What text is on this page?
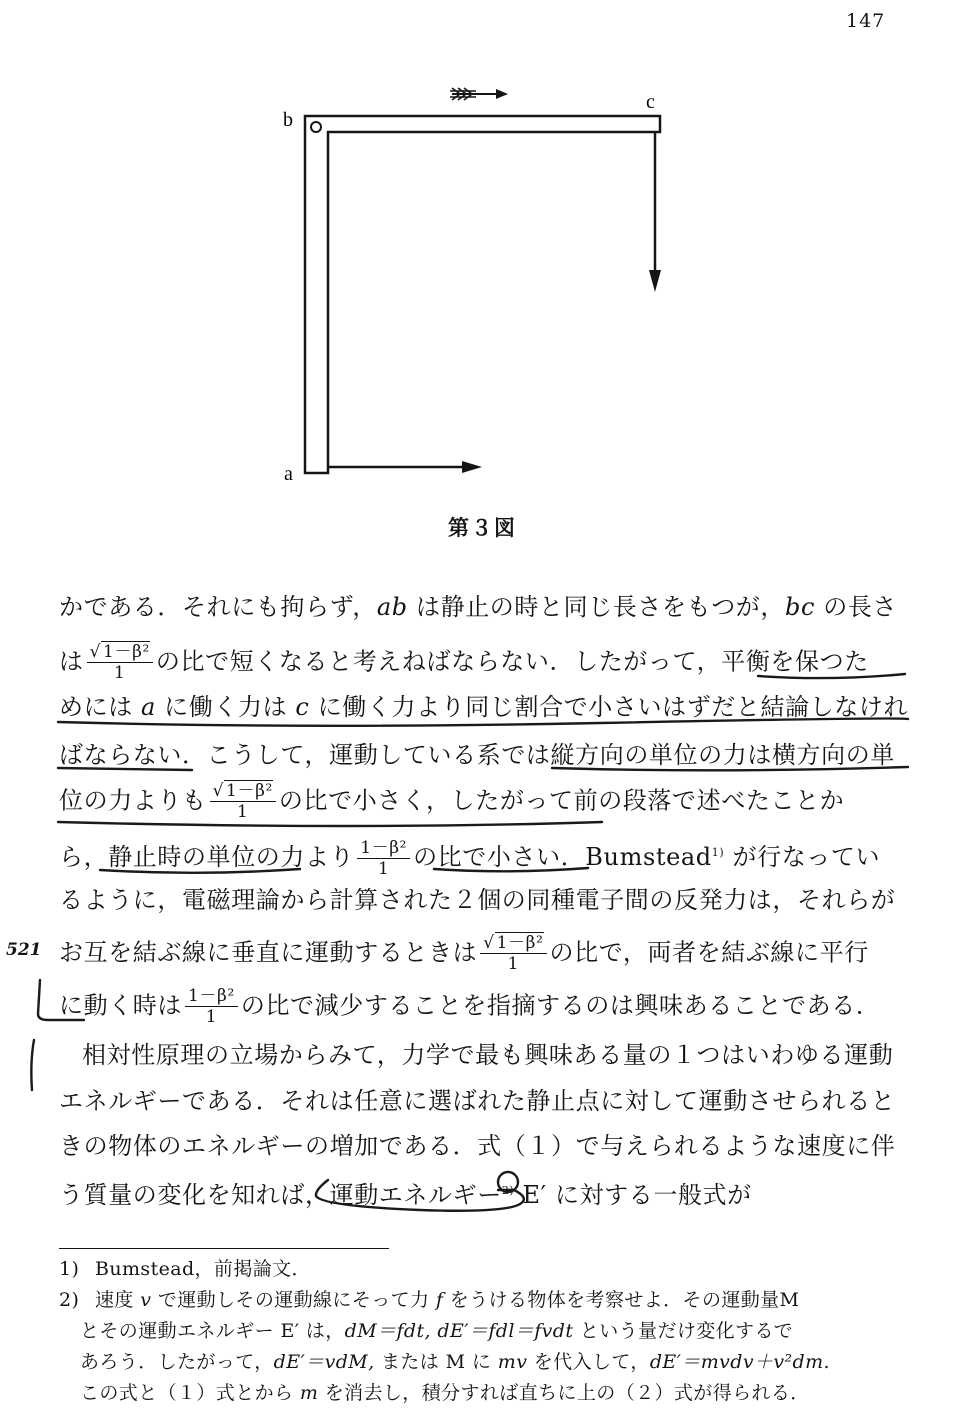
147
b
c
a
第３図
かである．それにも拘らず，ab は静止の時と同じ長さをもつが，bc の長さ
は $\frac{\text{√ 1－β²}}{1}$ の比で短くなると考えねばならない．したがって，平衡を保つた
めには a に働く力は c に働く力より同じ割合で小さいはずだと結論しなけれ
ばならない．こうして，運動している系では縦方向の単位の力は横方向の単
位の力よりも $\frac{\text{√ 1－β²}}{1}$ の比で小さく，したがって前の段落で述べたことか
ら，静止時の単位の力より $\frac{\text{1－β²}}{1}$ の比で小さい．Bumstead$^{1)}$ が行なってい
るように，電磁理論から計算された２個の同種電子間の反発力は，それらが
お互を結ぶ線に垂直に運動するときは $\frac{\text{√ 1－β²}}{1}$ の比で，両者を結ぶ線に平行
に動く時は $\frac{\text{1－β²}}{1}$ の比で減少することを指摘するのは興味あることである．
相対性原理の立場からみて，力学で最も興味ある量の１つはいわゆる運動
エネルギーである．それは任意に選ばれた静止点に対して運動させられると
きの物体のエネルギーの増加である．式（１）で与えられるような速度に伴
う質量の変化を知れば，運動エネルギー$^{2)}$ E′ に対する一般式が
521
1) Bumstead，前掲論文．
2) 速度 v で運動しその運動線にそって力 f をうける物体を考察せよ．その運動量M
とその運動エネルギー E′ は，dM＝fdt, dE′＝fdl＝fvdt という量だけ変化するで
あろう．したがって，dE′＝vdM, または M に mv を代入して，dE′＝mvdv＋v²dm.
この式と（１）式とから m を消去し，積分すれば直ちに上の（２）式が得られる．
